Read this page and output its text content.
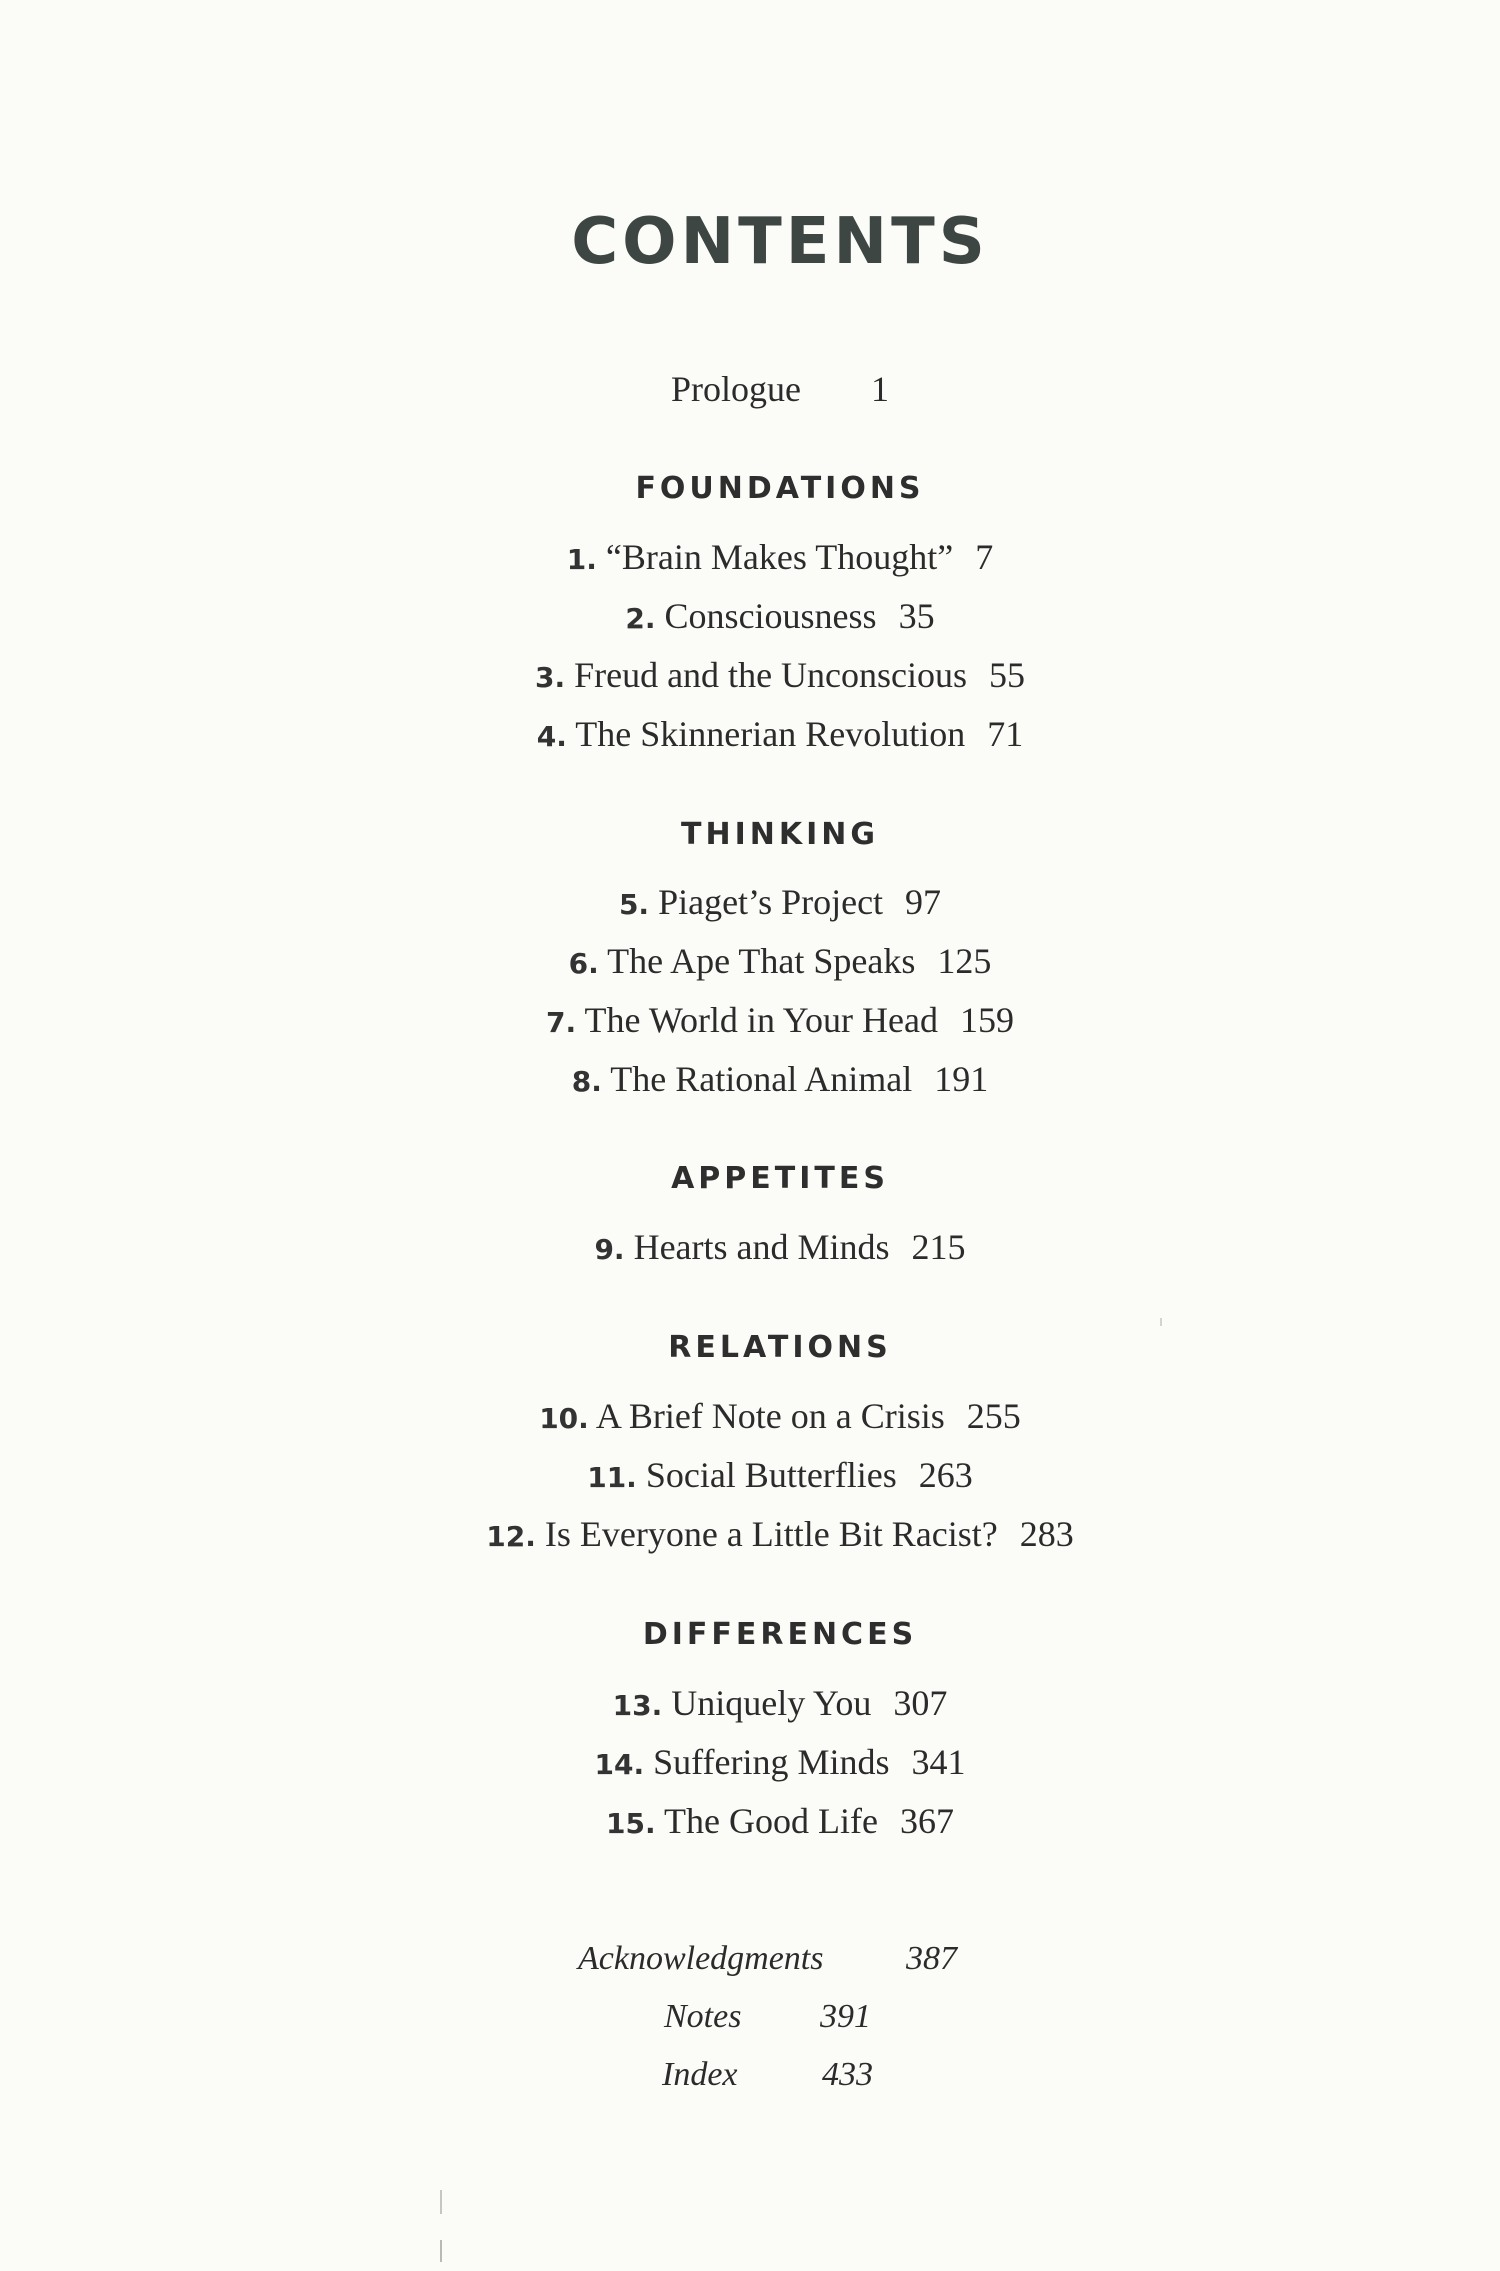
CONTENTS
Prologue 1
FOUNDATIONS
1. “Brain Makes Thought” 7
2. Consciousness 35
3. Freud and the Unconscious 55
4. The Skinnerian Revolution 71
THINKING
5. Piaget’s Project 97
6. The Ape That Speaks 125
7. The World in Your Head 159
8. The Rational Animal 191
APPETITES
9. Hearts and Minds 215
RELATIONS
10. A Brief Note on a Crisis 255
11. Social Butterflies 263
12. Is Everyone a Little Bit Racist? 283
DIFFERENCES
13. Uniquely You 307
14. Suffering Minds 341
15. The Good Life 367
Acknowledgments 387
Notes 391
Index 433
